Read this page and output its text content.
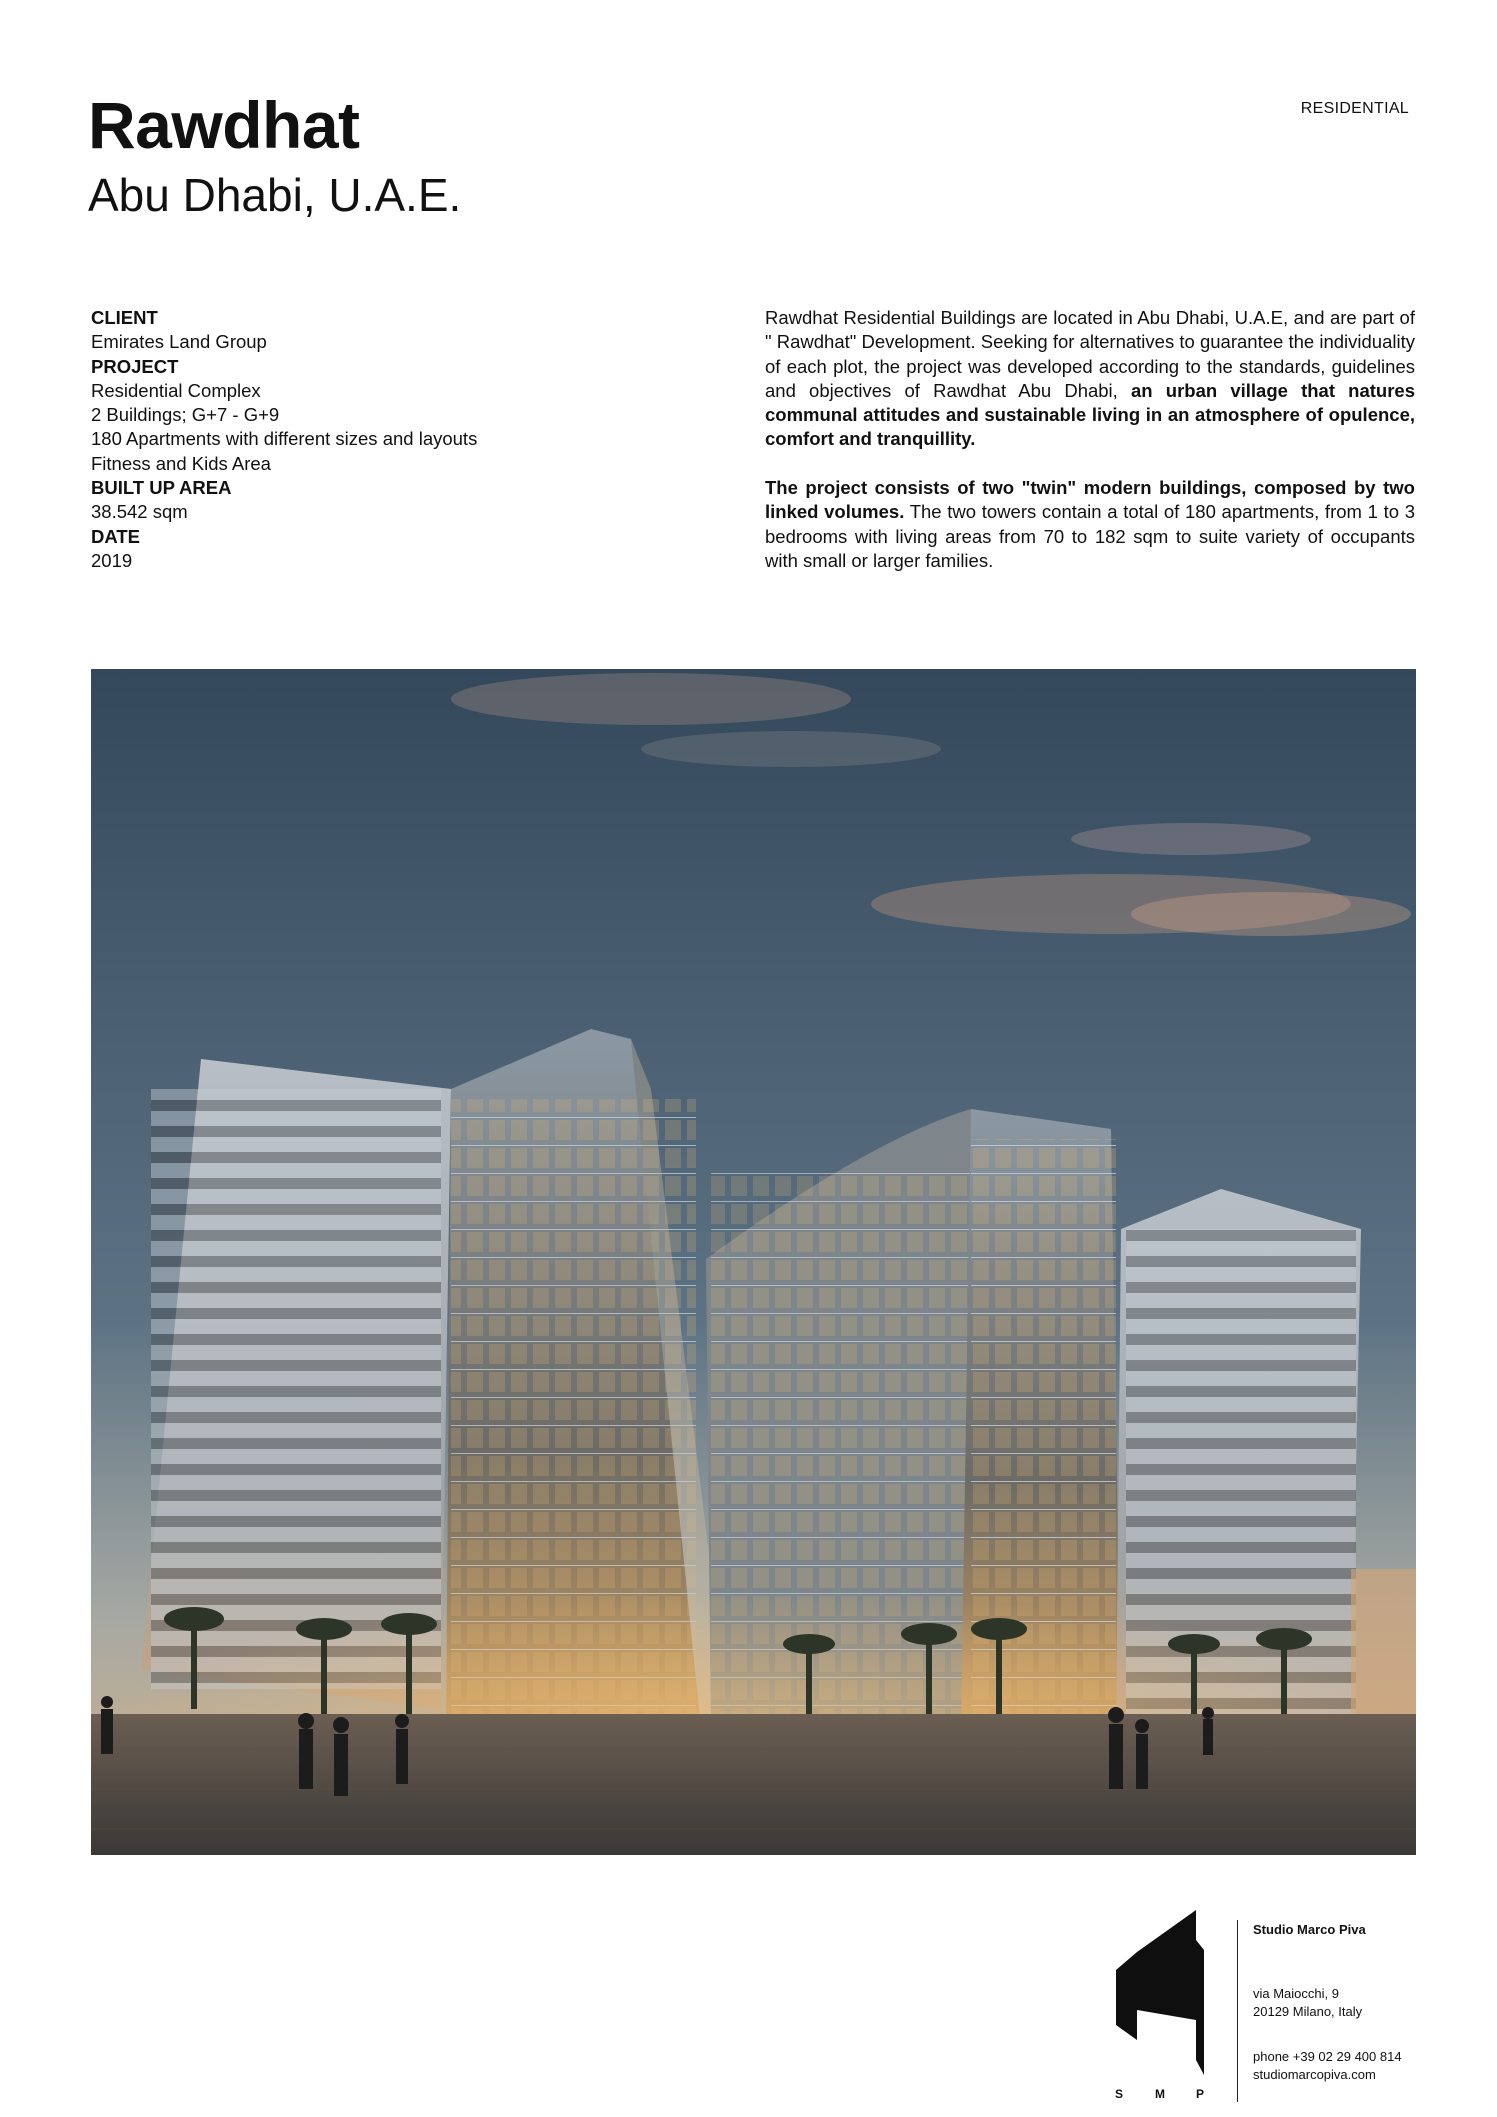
Rawdhat
Abu Dhabi, U.A.E.
RESIDENTIAL
CLIENT
Emirates Land Group
PROJECT
Residential Complex
2 Buildings; G+7 - G+9
180 Apartments with different sizes and layouts
Fitness and Kids Area
BUILT UP AREA
38.542 sqm
DATE
2019

Rawdhat Residential Buildings are located in Abu Dhabi, U.A.E, and are part of " Rawdhat" Development. Seeking for alternatives to guarantee the individuality of each plot, the project was developed according to the standards, guidelines and objectives of Rawdhat Abu Dhabi, an urban village that natures communal attitudes and sustainable living in an atmosphere of opulence, comfort and tranquillity.

The project consists of two "twin" modern buildings, composed by two linked volumes. The two towers contain a total of 180 apartments, from 1 to 3 bedrooms with living areas from 70 to 182 sqm to suite variety of occupants with small or larger families.

S	M	P
Studio Marco Piva
via Maiocchi, 9
20129 Milano, Italy
phone +39 02 29 400 814
studiomarcopiva.com
